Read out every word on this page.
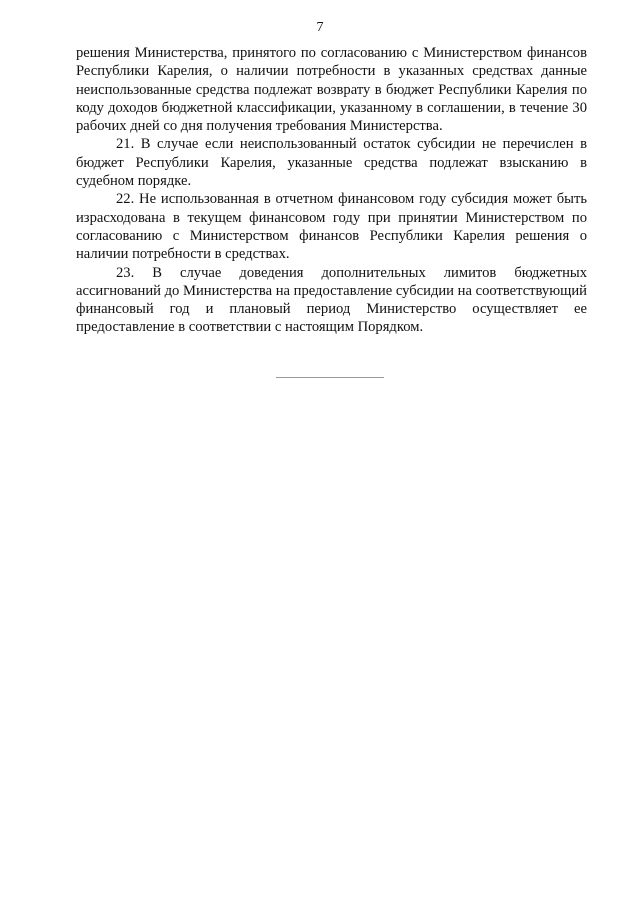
7

решения Министерства, принятого по согласованию с Министерством финансов Республики Карелия, о наличии потребности в указанных средствах данные неиспользованные средства подлежат возврату в бюджет Республики Карелия по коду доходов бюджетной классификации, указанному в соглашении, в течение 30 рабочих дней со дня получения требования Министерства.

21. В случае если неиспользованный остаток субсидии не перечислен в бюджет Республики Карелия, указанные средства подлежат взысканию в судебном порядке.

22. Не использованная в отчетном финансовом году субсидия может быть израсходована в текущем финансовом году при принятии Министерством по согласованию с Министерством финансов Республики Карелия решения о наличии потребности в средствах.

23. В случае доведения дополнительных лимитов бюджетных ассигнований до Министерства на предоставление субсидии на соответствующий финансовый год и плановый период Министерство осуществляет ее предоставление в соответствии с настоящим Порядком.
